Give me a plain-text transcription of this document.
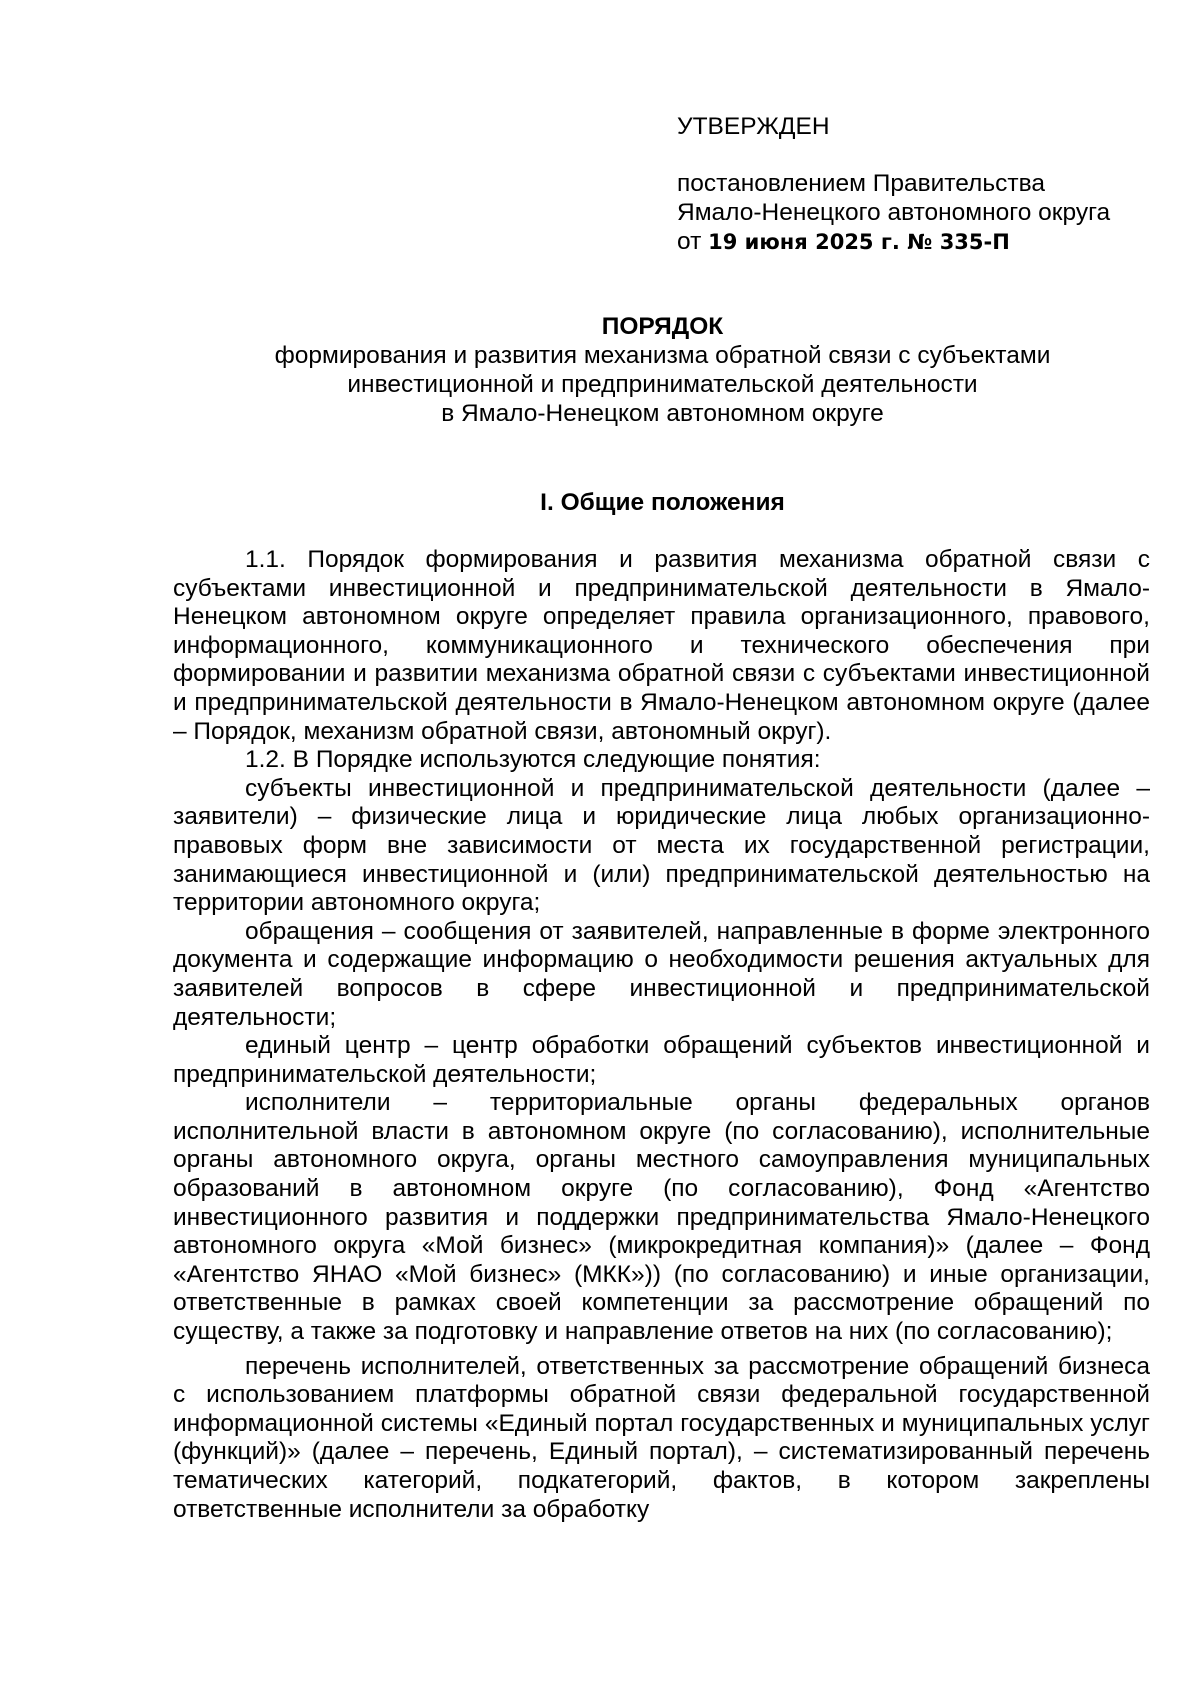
УТВЕРЖДЕН
постановлением Правительства
Ямало-Ненецкого автономного округа
от 19 июня 2025 г. № 335-П
ПОРЯДОК
формирования и развития механизма обратной связи с субъектами
инвестиционной и предпринимательской деятельности
в Ямало-Ненецком автономном округе
I. Общие положения

1.1. Порядок формирования и развития механизма обратной связи с субъектами инвестиционной и предпринимательской деятельности в Ямало-Ненецком автономном округе определяет правила организационного, правового, информационного, коммуникационного и технического обеспечения при формировании и развитии механизма обратной связи с субъектами инвестиционной и предпринимательской деятельности в Ямало-Ненецком автономном округе (далее – Порядок, механизм обратной связи, автономный округ).

1.2. В Порядке используются следующие понятия:

субъекты инвестиционной и предпринимательской деятельности (далее – заявители) – физические лица и юридические лица любых организационно-правовых форм вне зависимости от места их государственной регистрации, занимающиеся инвестиционной и (или) предпринимательской деятельностью на территории автономного округа;

обращения – сообщения от заявителей, направленные в форме электронного документа и содержащие информацию о необходимости решения актуальных для заявителей вопросов в сфере инвестиционной и предпринимательской деятельности;

единый центр – центр обработки обращений субъектов инвестиционной и предпринимательской деятельности;

исполнители – территориальные органы федеральных органов исполнительной власти в автономном округе (по согласованию), исполнительные органы автономного округа, органы местного самоуправления муниципальных образований в автономном округе (по согласованию), Фонд «Агентство инвестиционного развития и поддержки предпринимательства Ямало-Ненецкого автономного округа «Мой бизнес» (микрокредитная компания)» (далее – Фонд «Агентство ЯНАО «Мой бизнес» (МКК»)) (по согласованию) и иные организации, ответственные в рамках своей компетенции за рассмотрение обращений по существу, а также за подготовку и направление ответов на них (по согласованию);

перечень исполнителей, ответственных за рассмотрение обращений бизнеса с использованием платформы обратной связи федеральной государственной информационной системы «Единый портал государственных и муниципальных услуг (функций)» (далее – перечень, Единый портал), – систематизированный перечень тематических категорий, подкатегорий, фактов, в котором закреплены ответственные исполнители за обработку
